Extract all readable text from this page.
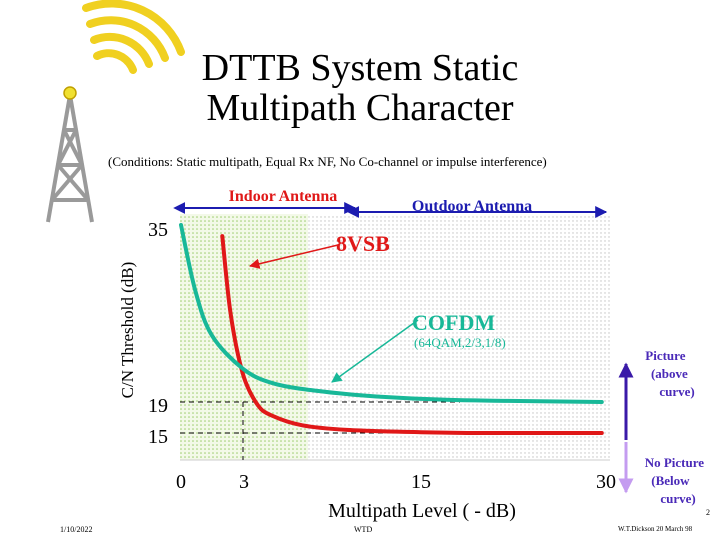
DTTB System Static
Multipath Character
(Conditions: Static multipath, Equal Rx NF, No Co-channel or impulse interference)
Indoor Antenna
Outdoor Antenna
8VSB
COFDM
(64QAM,2/3,1/8)
35
19
15
0	3	15	30
Multipath Level ( - dB)
C/N Threshold (dB)	Picture (above curve)
No Picture (Below curve)
1/10/2022	WTD
2
W.T.Dickson 20 March 98
